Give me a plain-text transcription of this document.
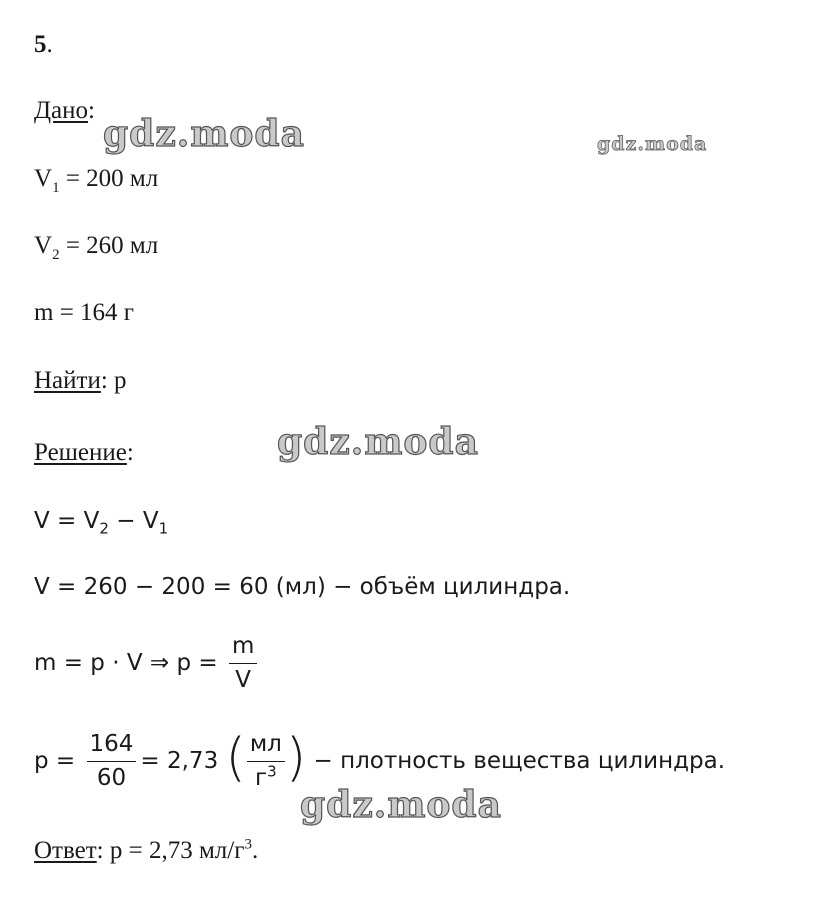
gdz.moda	gdz.moda
gdz.moda
gdz.moda
5.
Дано:
$V_1 = 200$ мл
$V_2 = 260$ мл
m = 164 г
Найти: p
Решение:
$V = V_2 - V_1$
V = 260 − 200 = 60 (мл) − объём цилиндра.
m = p · V ⇒ $p = \frac{m}{V}$
$p = \frac{164}{60} = 2,73$ ( $\frac{мл}{г^3}$ ) − плотность вещества цилиндра.
Ответ: p = 2,73 $мл/г^3$.
